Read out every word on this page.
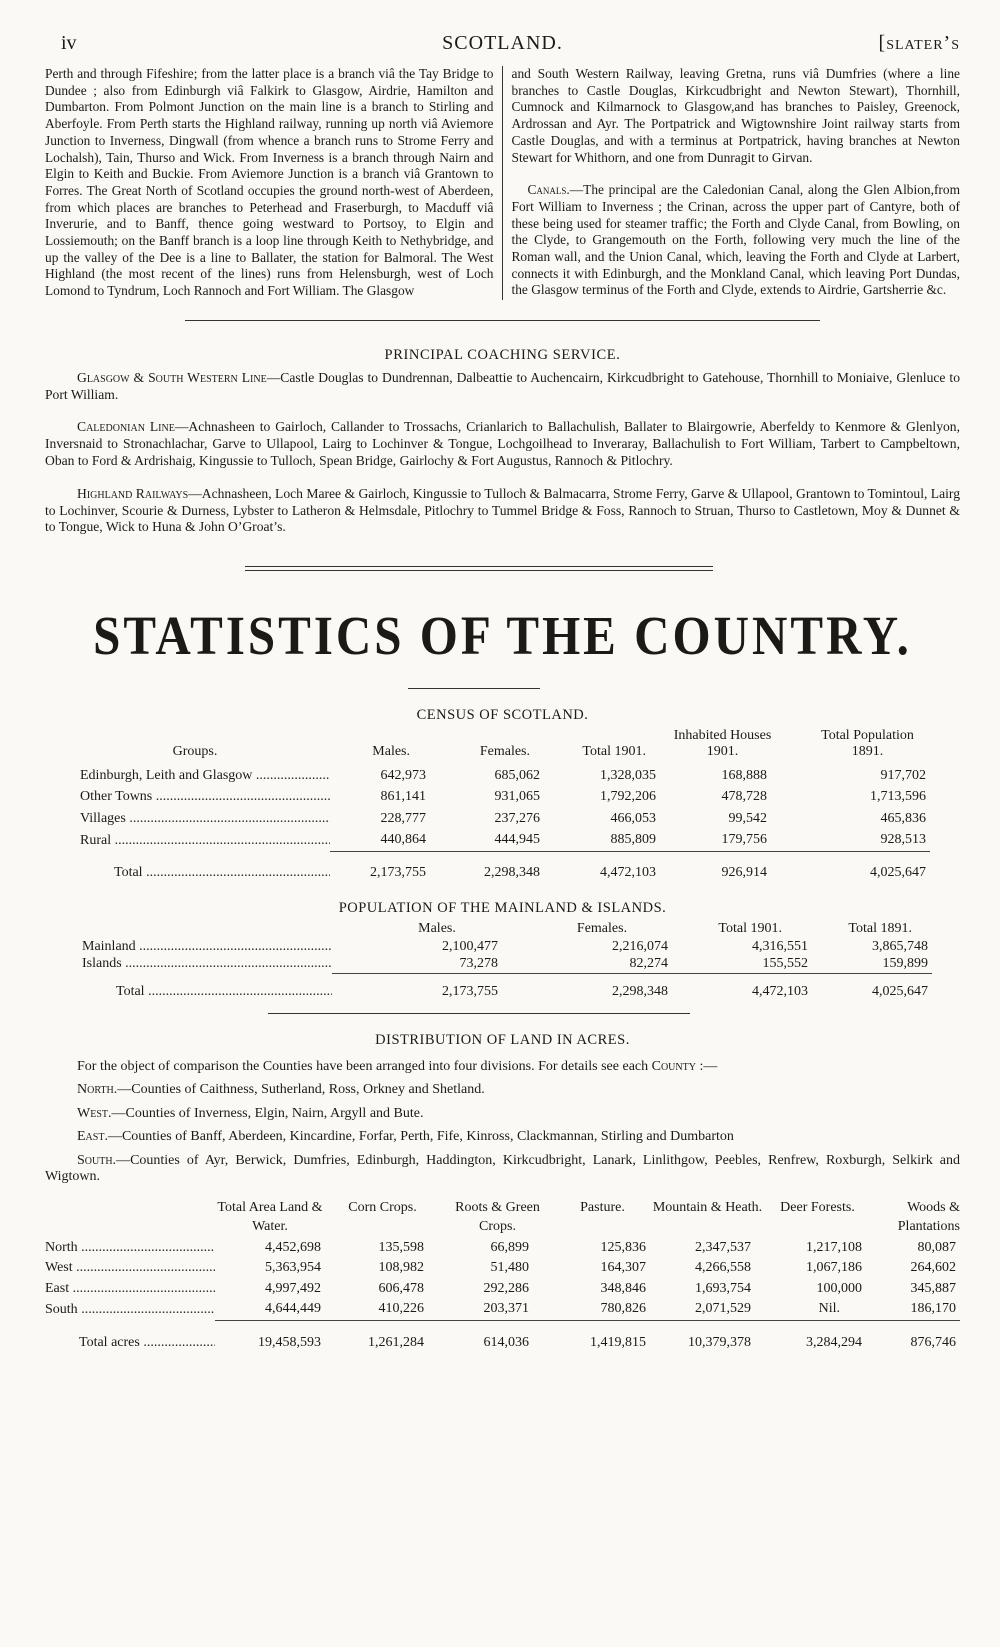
iv	SCOTLAND.	[slater’s
Perth and through Fifeshire; from the latter place is a branch viâ the Tay Bridge to Dundee ; also from Edinburgh viâ Falkirk to Glasgow, Airdrie, Hamilton and Dumbarton. From Polmont Junction on the main line is a branch to Stirling and Aberfoyle. From Perth starts the Highland railway, running up north viâ Aviemore Junction to Inverness, Dingwall (from whence a branch runs to Strome Ferry and Lochalsh), Tain, Thurso and Wick. From Inverness is a branch through Nairn and Elgin to Keith and Buckie. From Aviemore Junction is a branch viâ Grantown to Forres. The Great North of Scotland occupies the ground north-west of Aberdeen, from which places are branches to Peterhead and Fraserburgh, to Macduff viâ Inverurie, and to Banff, thence going westward to Portsoy, to Elgin and Lossiemouth; on the Banff branch is a loop line through Keith to Nethybridge, and up the valley of the Dee is a line to Ballater, the station for Balmoral. The West Highland (the most recent of the lines) runs from Helensburgh, west of Loch Lomond to Tyndrum, Loch Rannoch and Fort William. The Glasgow
and South Western Railway, leaving Gretna, runs viâ Dumfries (where a line branches to Castle Douglas, Kirkcudbright and Newton Stewart), Thornhill, Cumnock and Kilmarnock to Glasgow,and has branches to Paisley, Greenock, Ardrossan and Ayr. The Portpatrick and Wigtownshire Joint railway starts from Castle Douglas, and with a terminus at Portpatrick, having branches at Newton Stewart for Whithorn, and one from Dunragit to Girvan.
Canals.—The principal are the Caledonian Canal, along the Glen Albion,from Fort William to Inverness ; the Crinan, across the upper part of Cantyre, both of these being used for steamer traffic; the Forth and Clyde Canal, from Bowling, on the Clyde, to Grangemouth on the Forth, following very much the line of the Roman wall, and the Union Canal, which, leaving the Forth and Clyde at Larbert, connects it with Edinburgh, and the Monkland Canal, which leaving Port Dundas, the Glasgow terminus of the Forth and Clyde, extends to Airdrie, Gartsherrie &c.
PRINCIPAL COACHING SERVICE.
Glasgow & South Western Line—Castle Douglas to Dundrennan, Dalbeattie to Auchencairn, Kirkcudbright to Gatehouse, Thornhill to Moniaive, Glenluce to Port William.
Caledonian Line—Achnasheen to Gairloch, Callander to Trossachs, Crianlarich to Ballachulish, Ballater to Blairgowrie, Aberfeldy to Kenmore & Glenlyon, Inversnaid to Stronachlachar, Garve to Ullapool, Lairg to Lochinver & Tongue, Lochgoilhead to Inveraray, Ballachulish to Fort William, Tarbert to Campbeltown, Oban to Ford & Ardrishaig, Kingussie to Tulloch, Spean Bridge, Gairlochy & Fort Augustus, Rannoch & Pitlochry.
Highland Railways—Achnasheen, Loch Maree & Gairloch, Kingussie to Tulloch & Balmacarra, Strome Ferry, Garve & Ullapool, Grantown to Tomintoul, Lairg to Lochinver, Scourie & Durness, Lybster to Latheron & Helmsdale, Pitlochry to Tummel Bridge & Foss, Rannoch to Struan, Thurso to Castletown, Moy & Dunnet & to Tongue, Wick to Huna & John O’Groat’s.
STATISTICS OF THE COUNTRY.
CENSUS OF SCOTLAND.
Groups.	Males.	Females.	Total 1901.	Inhabited Houses 1901.	Total Population 1891.
Edinburgh, Leith and Glasgow .....	642,973	685,062	1,328,035	168,888	917,702
Other Towns .....	861,141	931,065	1,792,206	478,728	1,713,596
Villages .....	228,777	237,276	466,053	99,542	465,836
Rural .....	440,864	444,945	885,809	179,756	928,513
Total .....	2,173,755	2,298,348	4,472,103	926,914	4,025,647
POPULATION OF THE MAINLAND & ISLANDS.
	Males.	Females.	Total 1901.	Total 1891.
Mainland .....	2,100,477	2,216,074	4,316,551	3,865,748
Islands .....	73,278	82,274	155,552	159,899
Total .....	2,173,755	2,298,348	4,472,103	4,025,647
DISTRIBUTION OF LAND IN ACRES.
For the object of comparison the Counties have been arranged into four divisions. For details see each County :—
North.—Counties of Caithness, Sutherland, Ross, Orkney and Shetland.
West.—Counties of Inverness, Elgin, Nairn, Argyll and Bute.
East.—Counties of Banff, Aberdeen, Kincardine, Forfar, Perth, Fife, Kinross, Clackmannan, Stirling and Dumbarton
South.—Counties of Ayr, Berwick, Dumfries, Edinburgh, Haddington, Kirkcudbright, Lanark, Linlithgow, Peebles, Renfrew, Roxburgh, Selkirk and Wigtown.
	Total Area Land & Water.	Corn Crops.	Roots & Green Crops.	Pasture.	Mountain & Heath.	Deer Forests.	Woods & Plantations
North .....	4,452,698	135,598	66,899	125,836	2,347,537	1,217,108	80,087
West .....	5,363,954	108,982	51,480	164,307	4,266,558	1,067,186	264,602
East .....	4,997,492	606,478	292,286	348,846	1,693,754	100,000	345,887
South .....	4,644,449	410,226	203,371	780,826	2,071,529	Nil.	186,170
Total acres .....	19,458,593	1,261,284	614,036	1,419,815	10,379,378	3,284,294	876,746
